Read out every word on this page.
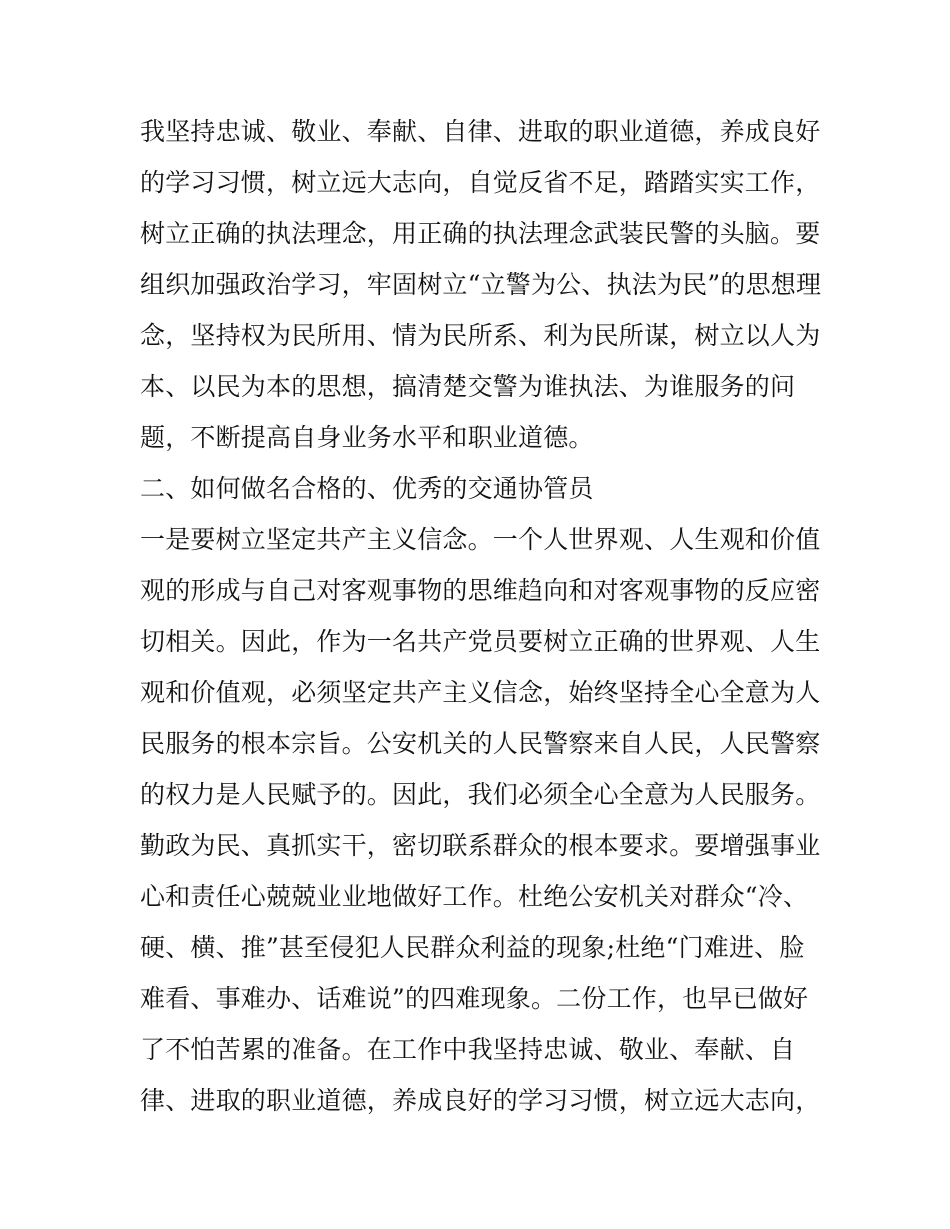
我坚持忠诚、敬业、奉献、自律、进取的职业道德，养成良好
的学习习惯，树立远大志向，自觉反省不足，踏踏实实工作，
树立正确的执法理念，用正确的执法理念武装民警的头脑。要
组织加强政治学习，牢固树立“立警为公、执法为民”的思想理
念，坚持权为民所用、情为民所系、利为民所谋，树立以人为
本、以民为本的思想，搞清楚交警为谁执法、为谁服务的问
题，不断提高自身业务水平和职业道德。
二、如何做名合格的、优秀的交通协管员
一是要树立坚定共产主义信念。一个人世界观、人生观和价值
观的形成与自己对客观事物的思维趋向和对客观事物的反应密
切相关。因此，作为一名共产党员要树立正确的世界观、人生
观和价值观，必须坚定共产主义信念，始终坚持全心全意为人
民服务的根本宗旨。公安机关的人民警察来自人民，人民警察
的权力是人民赋予的。因此，我们必须全心全意为人民服务。
勤政为民、真抓实干，密切联系群众的根本要求。要增强事业
心和责任心兢兢业业地做好工作。杜绝公安机关对群众“冷、
硬、横、推”甚至侵犯人民群众利益的现象;杜绝“门难进、脸
难看、事难办、话难说”的四难现象。二份工作，也早已做好
了不怕苦累的准备。在工作中我坚持忠诚、敬业、奉献、自
律、进取的职业道德，养成良好的学习习惯，树立远大志向，
